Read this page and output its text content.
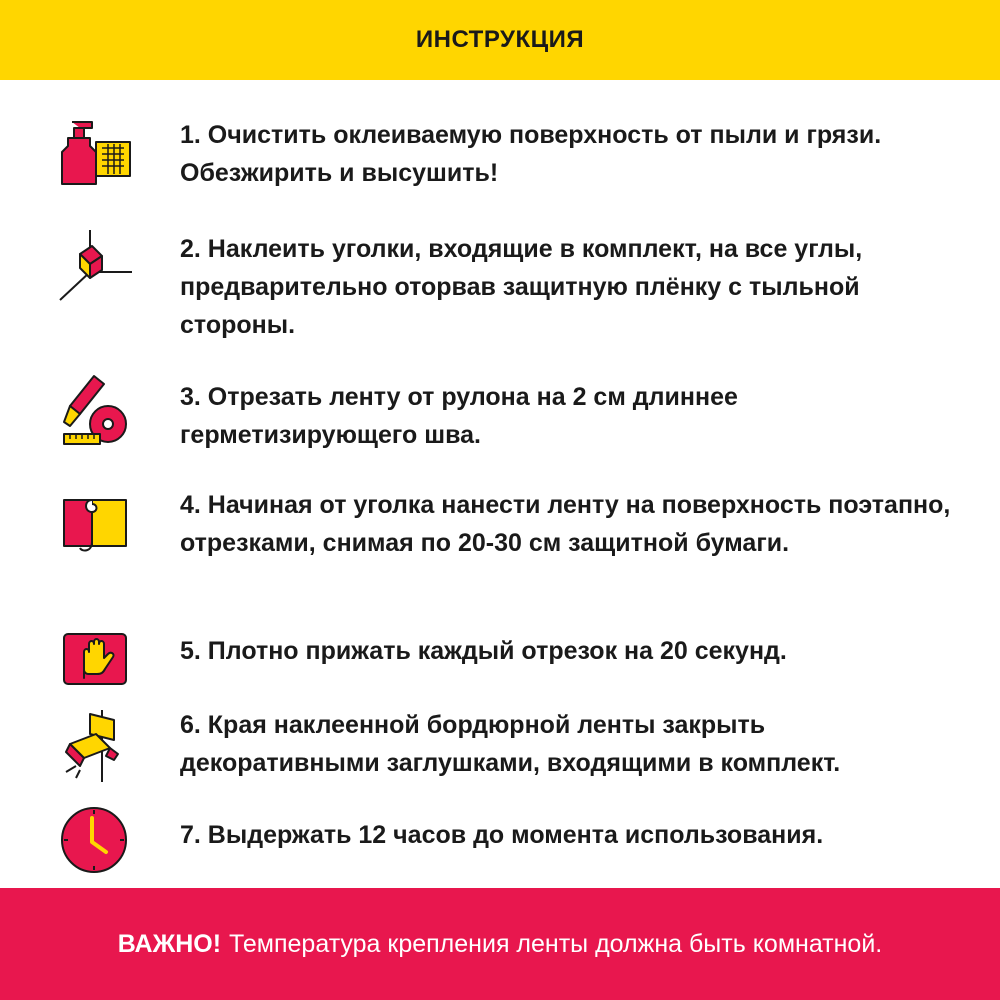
ИНСТРУКЦИЯ

1. Очистить оклеиваемую поверхность от пыли и грязи. Обезжирить и высушить!

2. Наклеить уголки, входящие в комплект, на все углы, предварительно оторвав защитную плёнку с тыльной стороны.

3. Отрезать ленту от рулона на 2 см длиннее герметизирующего шва.

4. Начиная от уголка нанести ленту на поверхность поэтапно, отрезками, снимая по 20-30 см защитной бумаги.

5. Плотно прижать каждый отрезок на 20 секунд.

6. Края наклеенной бордюрной ленты закрыть декоративными заглушками, входящими в комплект.

7. Выдержать 12 часов до момента использования.

ВАЖНО! Температура крепления ленты должна быть комнатной.
